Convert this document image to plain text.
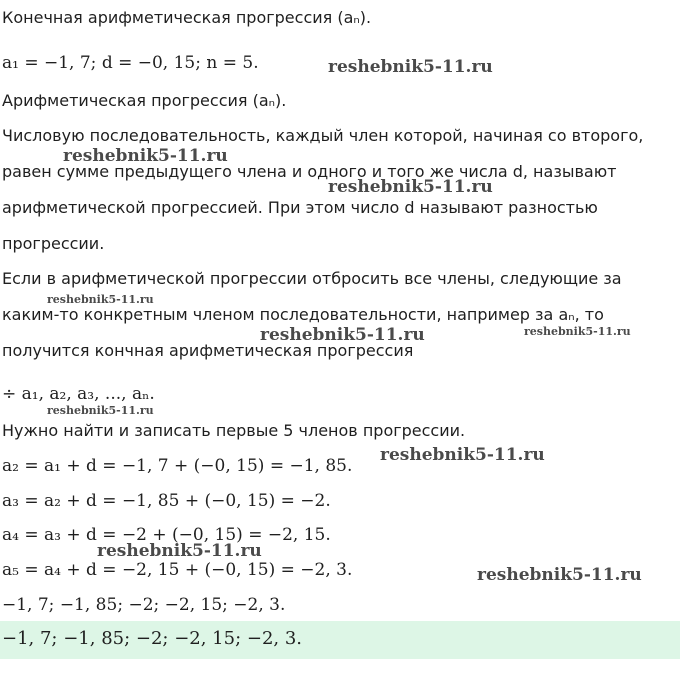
Конечная арифметическая прогрессия (aₙ).
a₁ = −1, 7; d = −0, 15; n = 5.
Арифметическая прогрессия (aₙ).
Числовую последовательность, каждый член которой, начиная со второго,
равен сумме предыдущего члена и одного и того же числа d, называют
арифметической прогрессией. При этом число d называют разностью
прогрессии.
Если в арифметической прогрессии отбросить все члены, следующие за
каким-то конкретным членом последовательности, например за aₙ, то
получится кончная арифметическая прогрессия
÷ a₁, a₂, a₃, ..., aₙ.
Нужно найти и записать первые 5 членов прогрессии.
a₂ = a₁ + d = −1, 7 + (−0, 15) = −1, 85.
a₃ = a₂ + d = −1, 85 + (−0, 15) = −2.
a₄ = a₃ + d = −2 + (−0, 15) = −2, 15.
a₅ = a₄ + d = −2, 15 + (−0, 15) = −2, 3.
−1, 7; −1, 85; −2; −2, 15; −2, 3.
−1, 7; −1, 85; −2; −2, 15; −2, 3.
reshebnik5-11.ru
reshebnik5-11.ru
reshebnik5-11.ru
reshebnik5-11.ru
reshebnik5-11.ru	reshebnik5-11.ru
reshebnik5-11.ru
reshebnik5-11.ru
reshebnik5-11.ru
reshebnik5-11.ru
